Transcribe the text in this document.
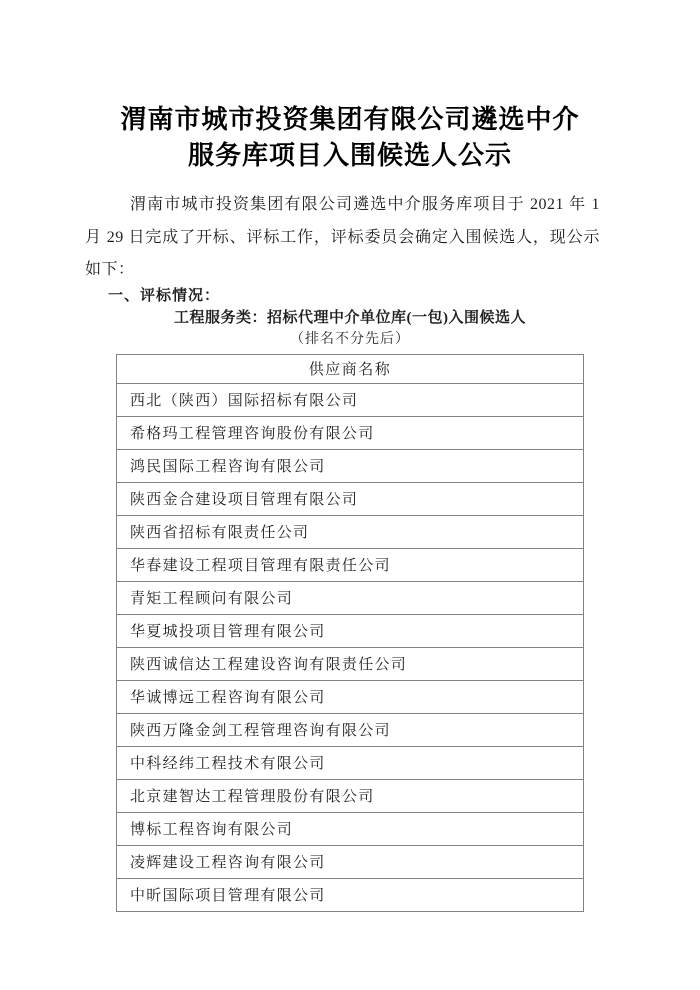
渭南市城市投资集团有限公司遴选中介
服务库项目入围候选人公示

渭南市城市投资集团有限公司遴选中介服务库项目于 2021 年 1 月 29 日完成了开标、评标工作，评标委员会确定入围候选人，现公示如下：

一、评标情况：
工程服务类：招标代理中介单位库(一包)入围候选人
（排名不分先后）
供应商名称
西北（陕西）国际招标有限公司
希格玛工程管理咨询股份有限公司
鸿民国际工程咨询有限公司
陕西金合建设项目管理有限公司
陕西省招标有限责任公司
华春建设工程项目管理有限责任公司
青矩工程顾问有限公司
华夏城投项目管理有限公司
陕西诚信达工程建设咨询有限责任公司
华诚博远工程咨询有限公司
陕西万隆金剑工程管理咨询有限公司
中科经纬工程技术有限公司
北京建智达工程管理股份有限公司
博标工程咨询有限公司
凌辉建设工程咨询有限公司
中昕国际项目管理有限公司
